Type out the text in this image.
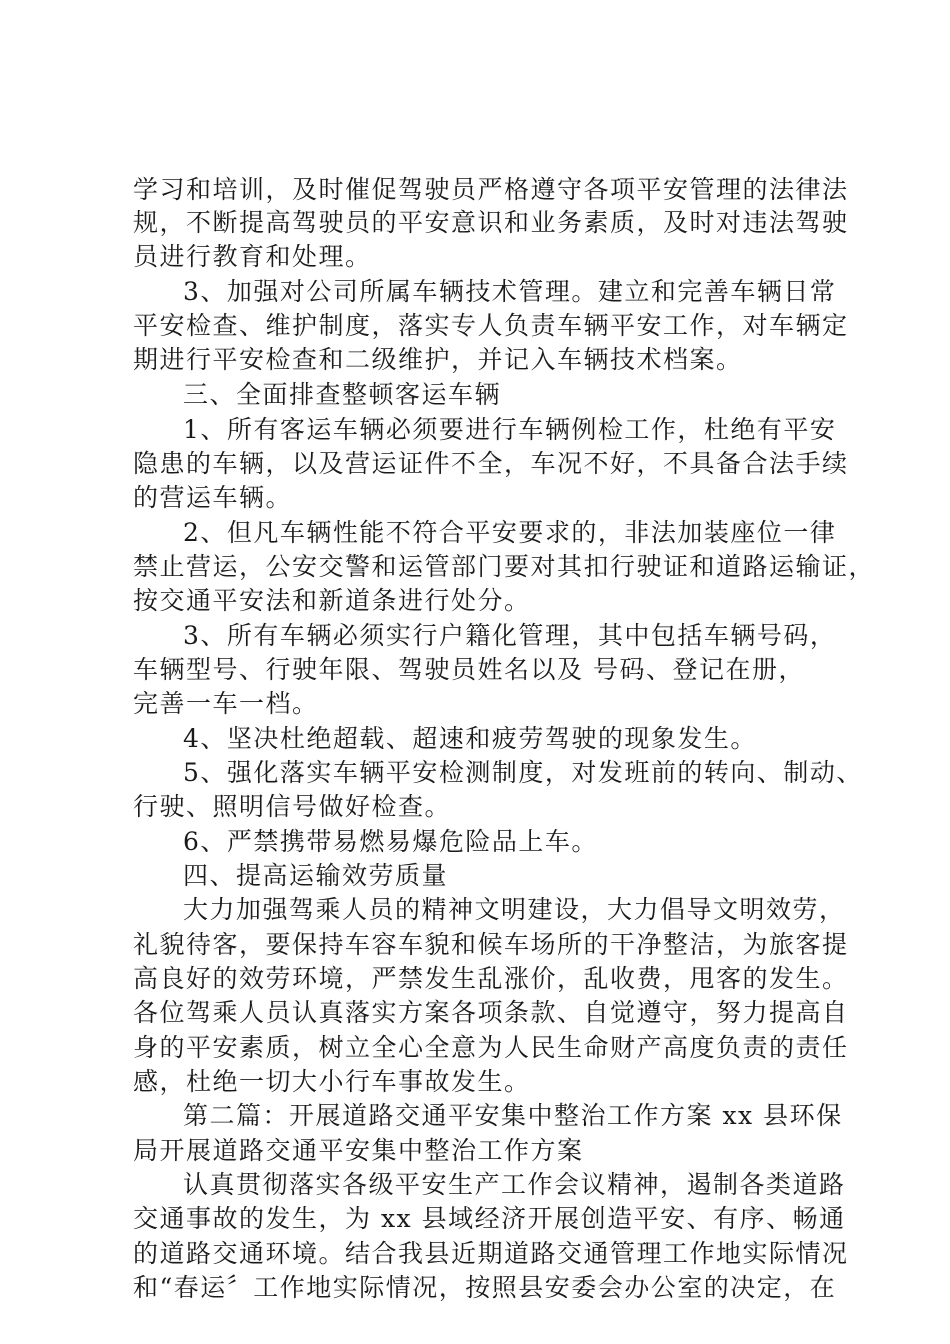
学习和培训，及时催促驾驶员严格遵守各项平安管理的法律法
规，不断提高驾驶员的平安意识和业务素质，及时对违法驾驶
员进行教育和处理。
3、加强对公司所属车辆技术管理。建立和完善车辆日常
平安检查、维护制度，落实专人负责车辆平安工作，对车辆定
期进行平安检查和二级维护，并记入车辆技术档案。
三、全面排查整顿客运车辆
1、所有客运车辆必须要进行车辆例检工作，杜绝有平安
隐患的车辆，以及营运证件不全，车况不好，不具备合法手续
的营运车辆。
2、但凡车辆性能不符合平安要求的，非法加装座位一律
禁止营运，公安交警和运管部门要对其扣行驶证和道路运输证，
按交通平安法和新道条进行处分。
3、所有车辆必须实行户籍化管理，其中包括车辆号码，
车辆型号、行驶年限、驾驶员姓名以及 号码、登记在册，
完善一车一档。
4、坚决杜绝超载、超速和疲劳驾驶的现象发生。
5、强化落实车辆平安检测制度，对发班前的转向、制动、
行驶、照明信号做好检查。
6、严禁携带易燃易爆危险品上车。
四、提高运输效劳质量
大力加强驾乘人员的精神文明建设，大力倡导文明效劳，
礼貌待客，要保持车容车貌和候车场所的干净整洁，为旅客提
高良好的效劳环境，严禁发生乱涨价，乱收费，甩客的发生。
各位驾乘人员认真落实方案各项条款、自觉遵守，努力提高自
身的平安素质，树立全心全意为人民生命财产高度负责的责任
感，杜绝一切大小行车事故发生。
第二篇：开展道路交通平安集中整治工作方案 xx 县环保
局开展道路交通平安集中整治工作方案
认真贯彻落实各级平安生产工作会议精神，遏制各类道路
交通事故的发生，为 xx 县域经济开展创造平安、有序、畅通
的道路交通环境。结合我县近期道路交通管理工作地实际情况
和“春运〞工作地实际情况，按照县安委会办公室的决定，在
